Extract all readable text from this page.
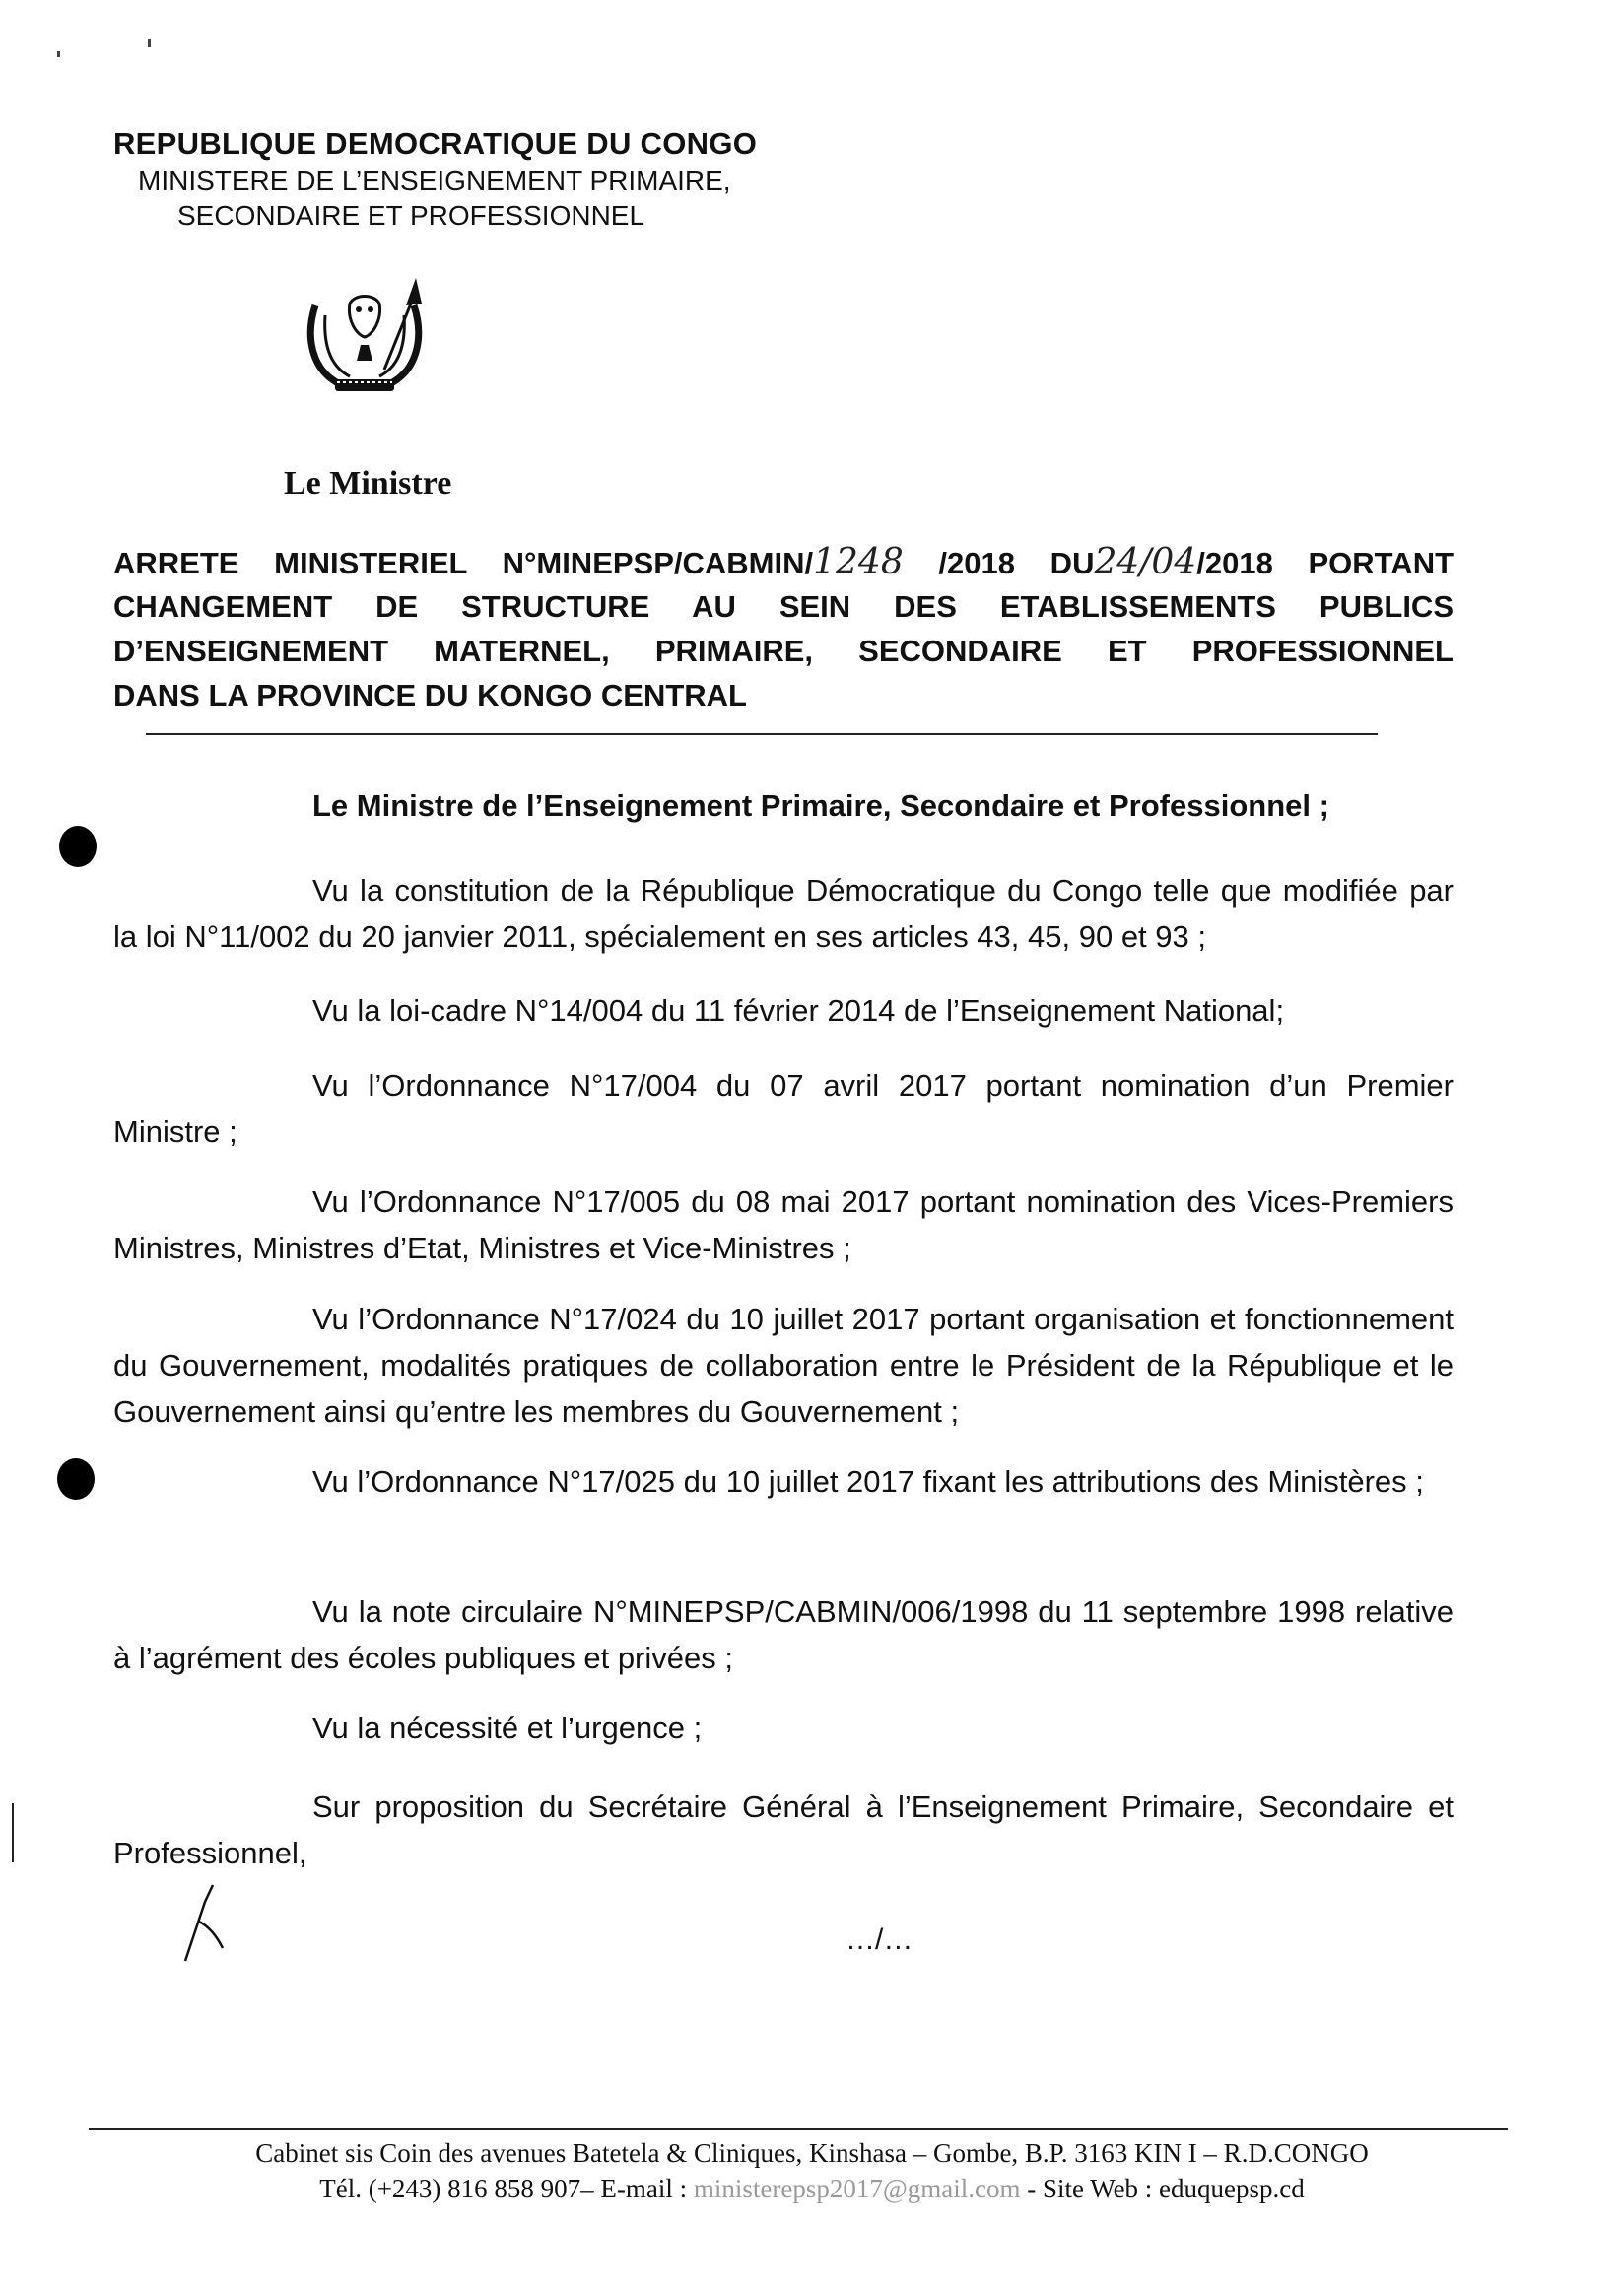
REPUBLIQUE DEMOCRATIQUE DU CONGO
MINISTERE DE L’ENSEIGNEMENT PRIMAIRE,
SECONDAIRE ET PROFESSIONNEL
Le Ministre
ARRETE MINISTERIEL N°MINEPSP/CABMIN/1248 /2018 DU24/04/2018 PORTANT
CHANGEMENT DE STRUCTURE AU SEIN DES ETABLISSEMENTS PUBLICS
D’ENSEIGNEMENT MATERNEL, PRIMAIRE, SECONDAIRE ET PROFESSIONNEL
DANS LA PROVINCE DU KONGO CENTRAL
Le Ministre de l’Enseignement Primaire, Secondaire et Professionnel ;
Vu la constitution de la République Démocratique du Congo telle que modifiée par la loi N°11/002 du 20 janvier 2011, spécialement en ses articles 43, 45, 90 et 93 ;
Vu la loi-cadre N°14/004 du 11 février 2014 de l’Enseignement National;
Vu l’Ordonnance N°17/004 du 07 avril 2017 portant nomination d’un Premier Ministre ;
Vu l’Ordonnance N°17/005 du 08 mai 2017 portant nomination des Vices-Premiers Ministres, Ministres d’Etat, Ministres et Vice-Ministres ;
Vu l’Ordonnance N°17/024 du 10 juillet 2017 portant organisation et fonctionnement du Gouvernement, modalités pratiques de collaboration entre le Président de la République et le Gouvernement ainsi qu’entre les membres du Gouvernement ;
Vu l’Ordonnance N°17/025 du 10 juillet 2017 fixant les attributions des Ministères ;
Vu la note circulaire N°MINEPSP/CABMIN/006/1998 du 11 septembre 1998 relative à l’agrément des écoles publiques et privées ;
Vu la nécessité et l’urgence ;
Sur proposition du Secrétaire Général à l’Enseignement Primaire, Secondaire et Professionnel,
…/…
Cabinet sis Coin des avenues Batetela & Cliniques, Kinshasa – Gombe, B.P. 3163 KIN I – R.D.CONGO
Tél. (+243) 816 858 907– E-mail : ministerepsp2017@gmail.com - Site Web : eduquepsp.cd
